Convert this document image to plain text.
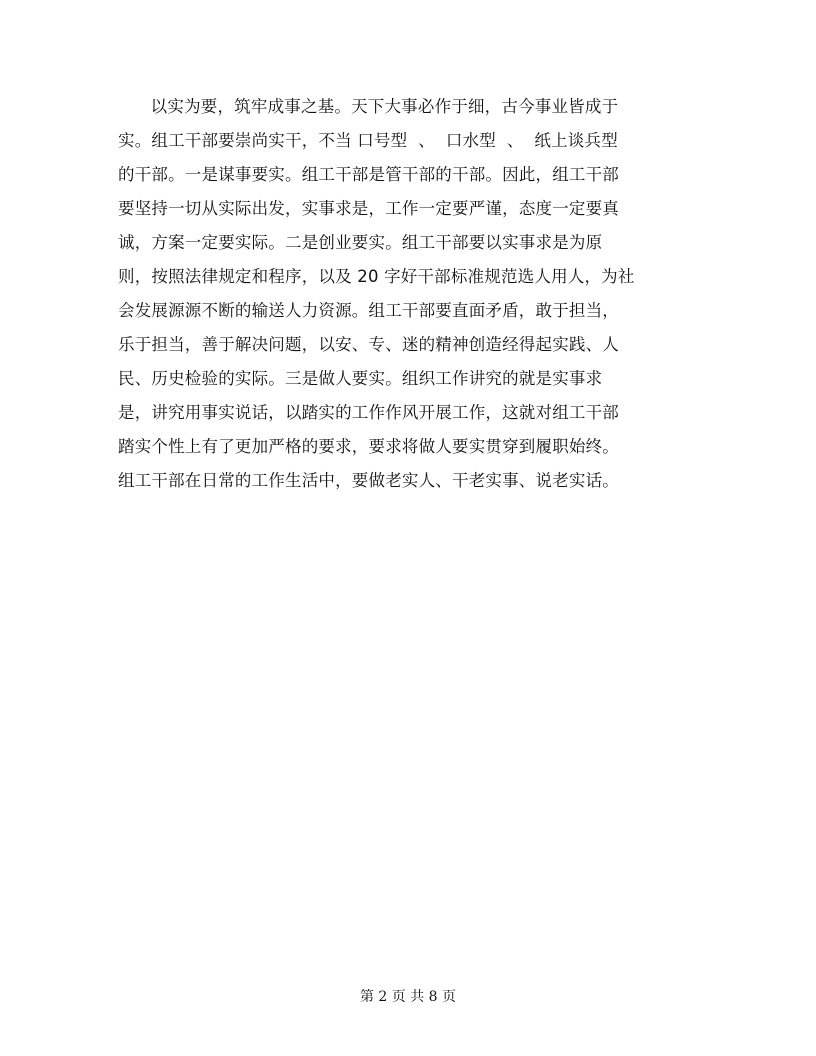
以实为要，筑牢成事之基。天下大事必作于细，古今事业皆成于
实。组工干部要崇尚实干，不当 口号型  、  口水型  、  纸上谈兵型
的干部。一是谋事要实。组工干部是管干部的干部。因此，组工干部
要坚持一切从实际出发，实事求是，工作一定要严谨，态度一定要真
诚，方案一定要实际。二是创业要实。组工干部要以实事求是为原
则，按照法律规定和程序，以及 20 字好干部标准规范选人用人，为社
会发展源源不断的输送人力资源。组工干部要直面矛盾，敢于担当，
乐于担当，善于解决问题，以安、专、迷的精神创造经得起实践、人
民、历史检验的实际。三是做人要实。组织工作讲究的就是实事求
是，讲究用事实说话，以踏实的工作作风开展工作，这就对组工干部
踏实个性上有了更加严格的要求，要求将做人要实贯穿到履职始终。
组工干部在日常的工作生活中，要做老实人、干老实事、说老实话。
第 2 页 共 8 页
